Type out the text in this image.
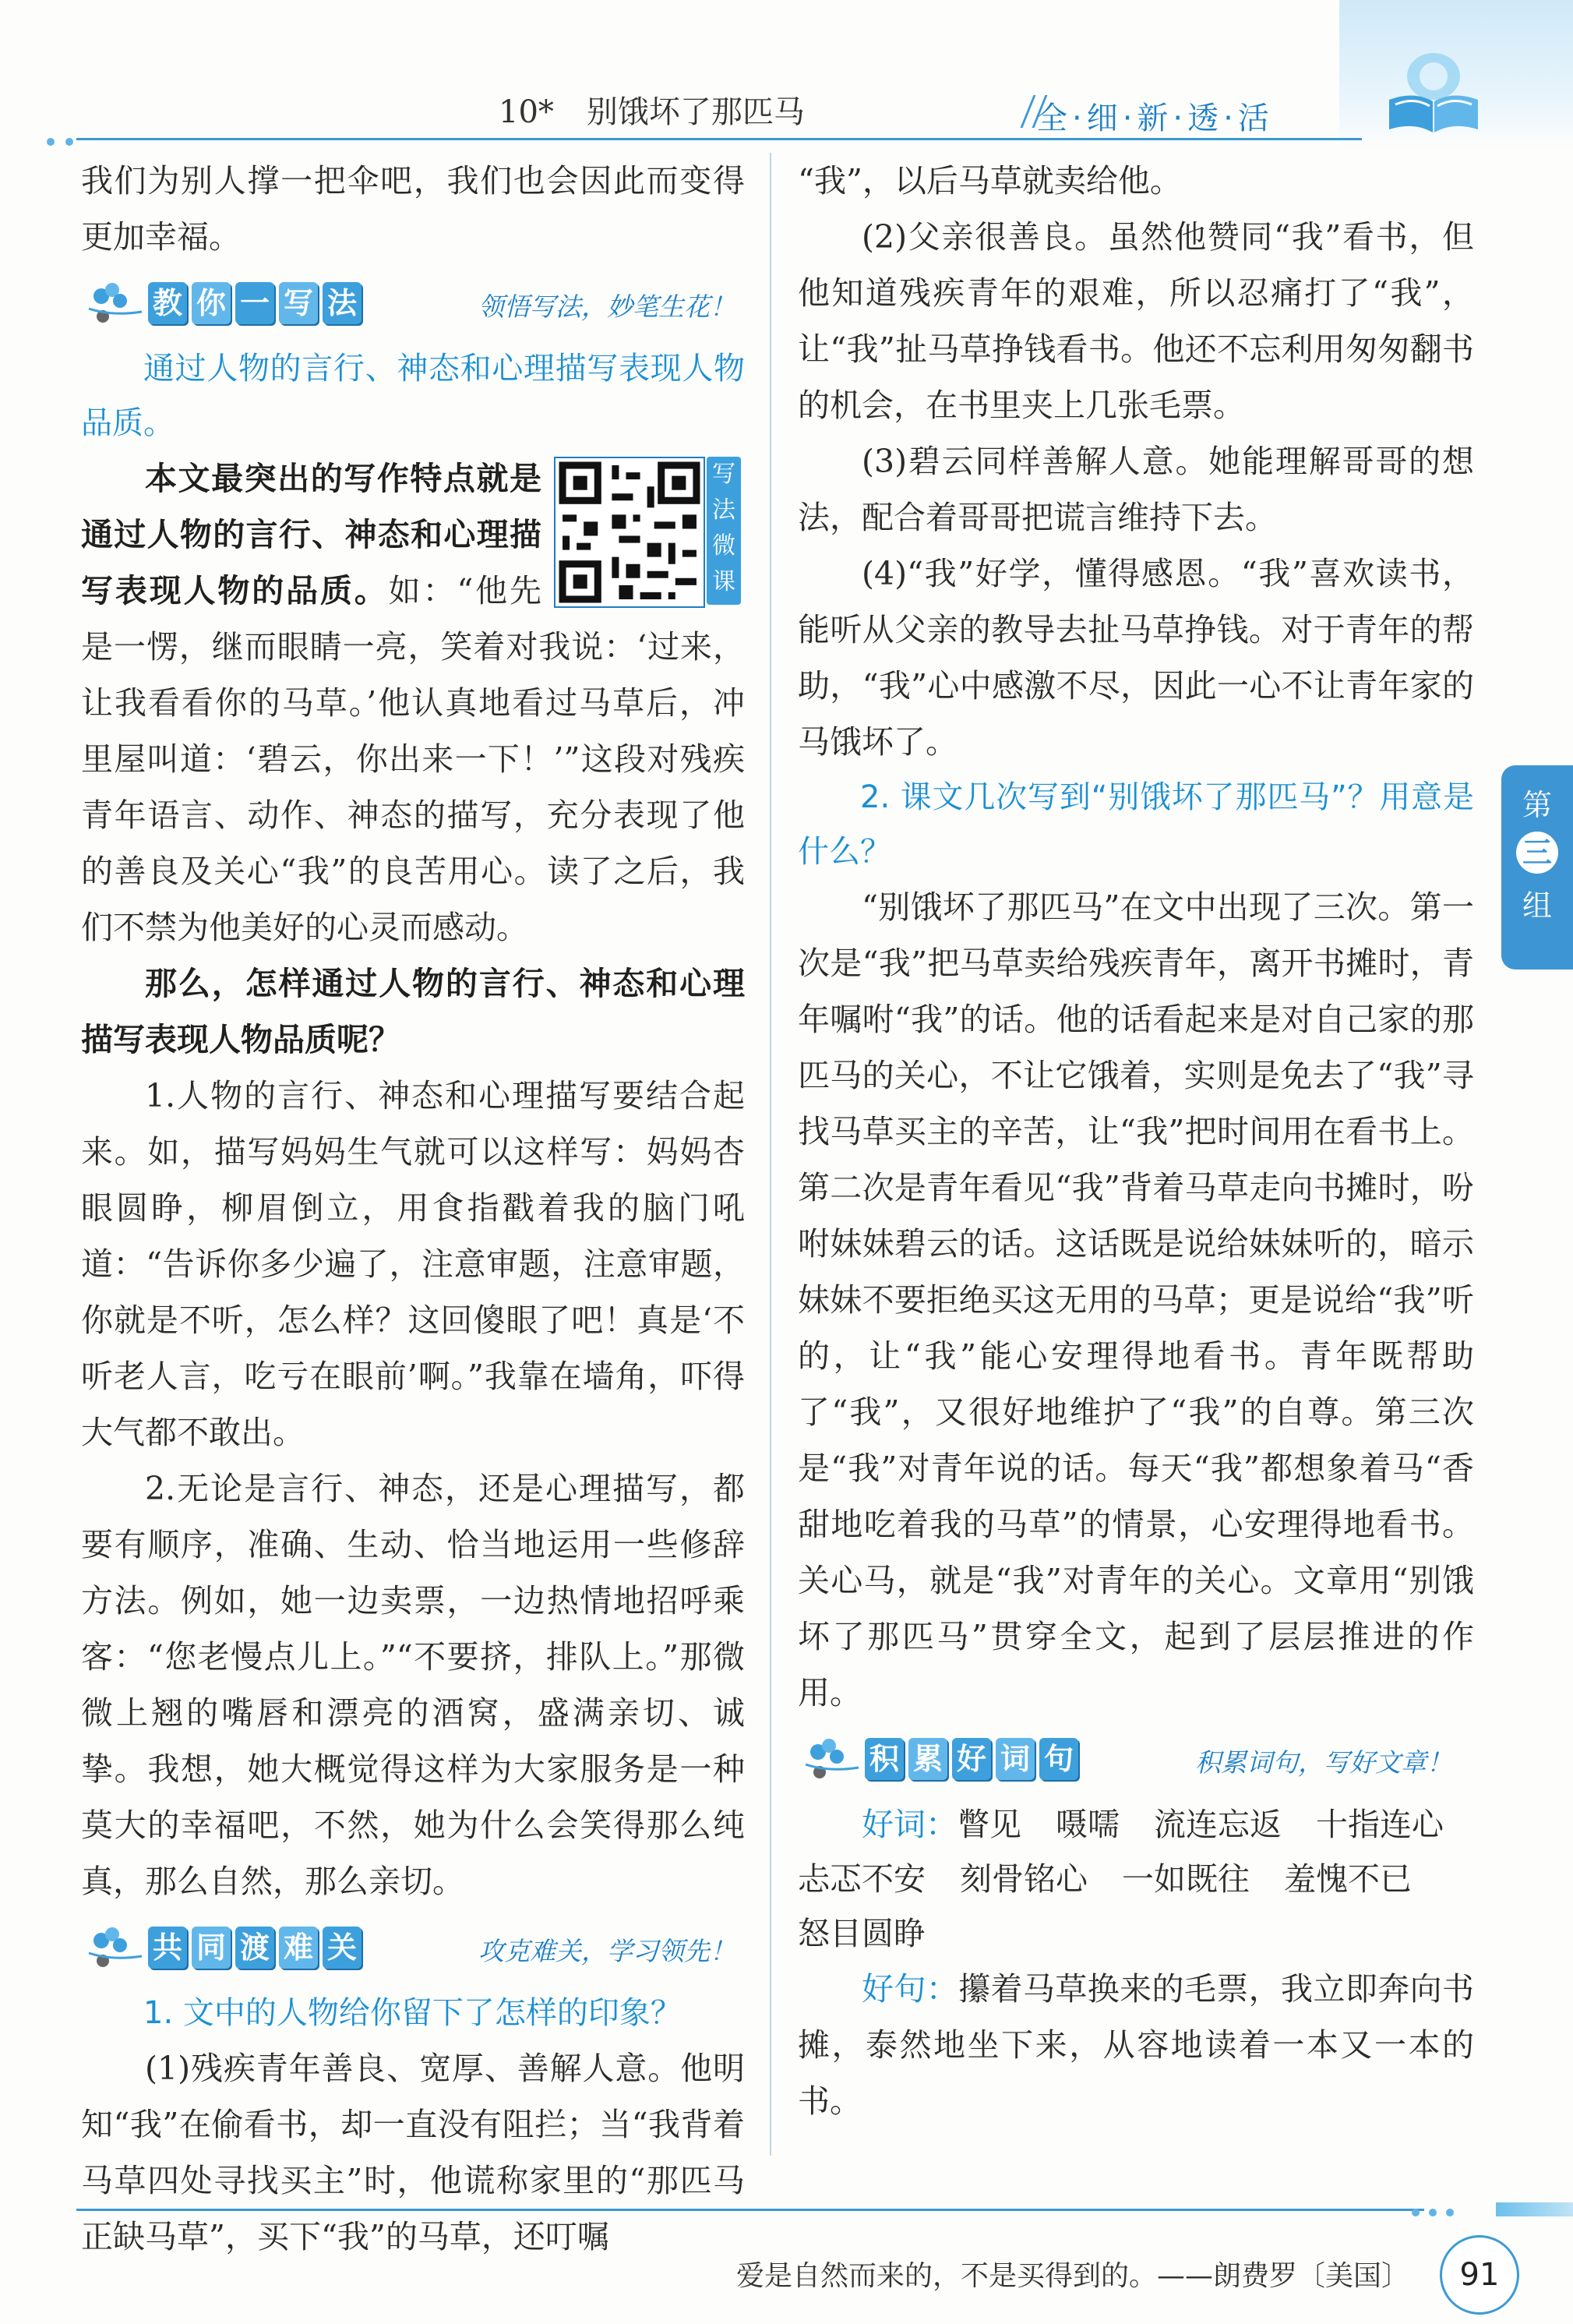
10* 别饿坏了那匹马	全·细·新·透·活

我们为别人撑一把伞吧，我们也会因此而变得更加幸福。

教 你 一 写 法	领悟写法，妙笔生花！

通过人物的言行、神态和心理描写表现人物品质。

写法微课

本文最突出的写作特点就是通过人物的言行、神态和心理描写表现人物的品质。如：“他先是一愣，继而眼睛一亮，笑着对我说：‘过来，让我看看你的马草。’他认真地看过马草后，冲里屋叫道：‘碧云，你出来一下！’”这段对残疾青年语言、动作、神态的描写，充分表现了他的善良及关心“我”的良苦用心。读了之后，我们不禁为他美好的心灵而感动。

那么，怎样通过人物的言行、神态和心理描写表现人物品质呢？

1.人物的言行、神态和心理描写要结合起来。如，描写妈妈生气就可以这样写：妈妈杏眼圆睁，柳眉倒立，用食指戳着我的脑门吼道：“告诉你多少遍了，注意审题，注意审题，你就是不听，怎么样？这回傻眼了吧！真是‘不听老人言，吃亏在眼前’啊。”我靠在墙角，吓得大气都不敢出。

2.无论是言行、神态，还是心理描写，都要有顺序，准确、生动、恰当地运用一些修辞方法。例如，她一边卖票，一边热情地招呼乘客：“您老慢点儿上。”“不要挤，排队上。”那微微上翘的嘴唇和漂亮的酒窝，盛满亲切、诚挚。我想，她大概觉得这样为大家服务是一种莫大的幸福吧，不然，她为什么会笑得那么纯真，那么自然，那么亲切。

共 同 渡 难 关	攻克难关，学习领先！

1. 文中的人物给你留下了怎样的印象？

(1)残疾青年善良、宽厚、善解人意。他明知“我”在偷看书，却一直没有阻拦；当“我背着马草四处寻找买主”时，他谎称家里的“那匹马正缺马草”，买下“我”的马草，还叮嘱

“我”，以后马草就卖给他。

(2)父亲很善良。虽然他赞同“我”看书，但他知道残疾青年的艰难，所以忍痛打了“我”，让“我”扯马草挣钱看书。他还不忘利用匆匆翻书的机会，在书里夹上几张毛票。

(3)碧云同样善解人意。她能理解哥哥的想法，配合着哥哥把谎言维持下去。

(4)“我”好学，懂得感恩。“我”喜欢读书，能听从父亲的教导去扯马草挣钱。对于青年的帮助，“我”心中感激不尽，因此一心不让青年家的马饿坏了。

2. 课文几次写到“别饿坏了那匹马”？用意是什么？

“别饿坏了那匹马”在文中出现了三次。第一次是“我”把马草卖给残疾青年，离开书摊时，青年嘱咐“我”的话。他的话看起来是对自己家的那匹马的关心，不让它饿着，实则是免去了“我”寻找马草买主的辛苦，让“我”把时间用在看书上。第二次是青年看见“我”背着马草走向书摊时，吩咐妹妹碧云的话。这话既是说给妹妹听的，暗示妹妹不要拒绝买这无用的马草；更是说给“我”听的，让“我”能心安理得地看书。青年既帮助了“我”，又很好地维护了“我”的自尊。第三次是“我”对青年说的话。每天“我”都想象着马“香甜地吃着我的马草”的情景，心安理得地看书。关心马，就是“我”对青年的关心。文章用“别饿坏了那匹马”贯穿全文，起到了层层推进的作用。

积 累 好 词 句	积累词句，写好文章！
好词：瞥见 嗫嚅 流连忘返 十指连心
忐忑不安 刻骨铭心 一如既往 羞愧不已
怒目圆睁

好句：攥着马草换来的毛票，我立即奔向书摊，泰然地坐下来，从容地读着一本又一本的书。

第
三
组
爱是自然而来的，不是买得到的。——朗费罗〔美国〕	91
